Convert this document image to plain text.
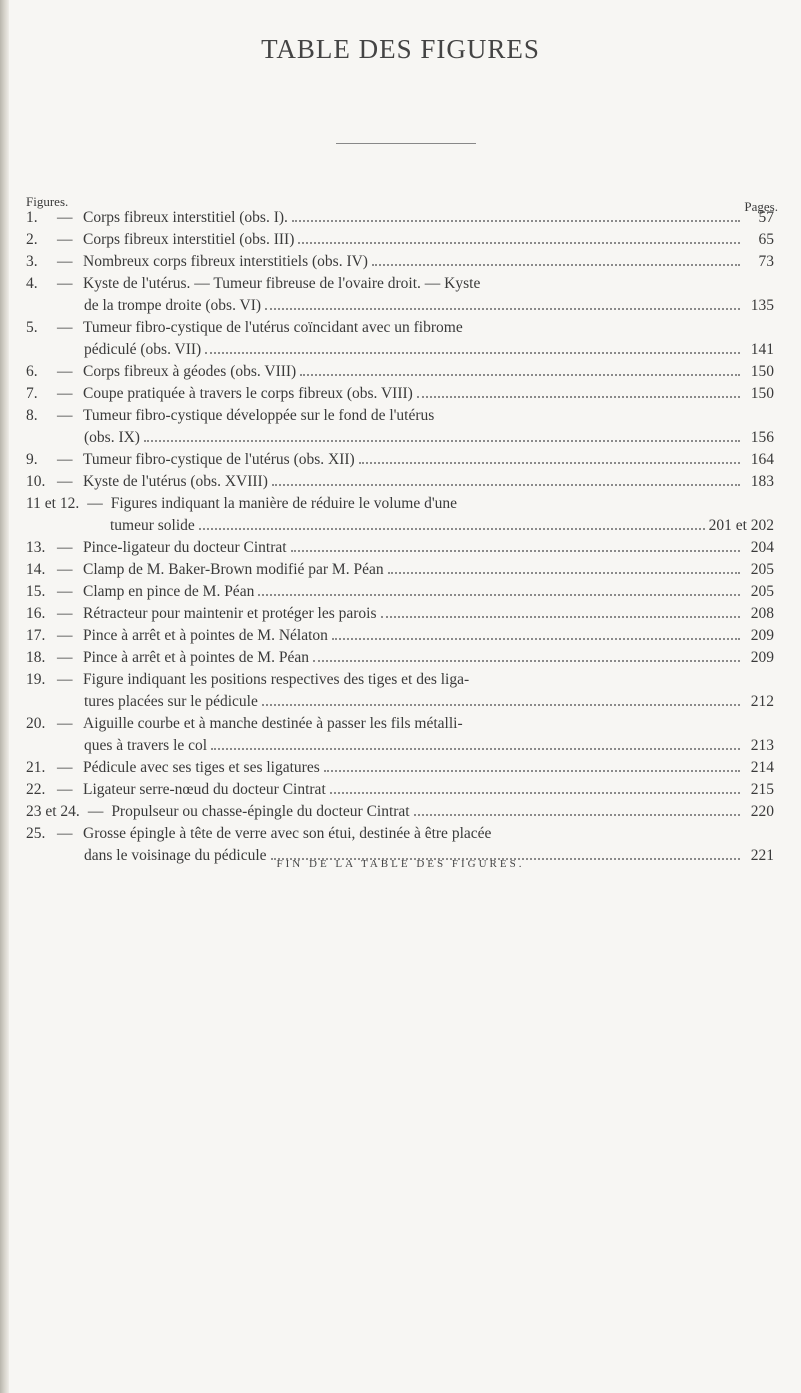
TABLE DES FIGURES
Figures.	Pages.
1.	— Corps fibreux interstitiel (obs. I).	57
2.	— Corps fibreux interstitiel (obs. III)	65
3.	— Nombreux corps fibreux interstitiels (obs. IV)	73
4.	— Kyste de l'utérus. — Tumeur fibreuse de l'ovaire droit. — Kyste
de la trompe droite (obs. VI)	135
5.	— Tumeur fibro-cystique de l'utérus coïncidant avec un fibrome
pédiculé (obs. VII)	141
6.	— Corps fibreux à géodes (obs. VIII)	150
7.	— Coupe pratiquée à travers le corps fibreux (obs. VIII)	150
8.	— Tumeur fibro-cystique développée sur le fond de l'utérus
(obs. IX)	156
9.	— Tumeur fibro-cystique de l'utérus (obs. XII)	164
10. — Kyste de l'utérus (obs. XVIII)	183
11 et 12. — Figures indiquant la manière de réduire le volume d'une
tumeur solide	201 et 202
13. — Pince-ligateur du docteur Cintrat	204
14. — Clamp de M. Baker-Brown modifié par M. Péan	205
15. — Clamp en pince de M. Péan	205
16. — Rétracteur pour maintenir et protéger les parois	208
17. — Pince à arrêt et à pointes de M. Nélaton	209
18. — Pince à arrêt et à pointes de M. Péan	209
19. — Figure indiquant les positions respectives des tiges et des liga-
tures placées sur le pédicule	212
20. — Aiguille courbe et à manche destinée à passer les fils métalli-
ques à travers le col	213
21. — Pédicule avec ses tiges et ses ligatures	214
22. — Ligateur serre-nœud du docteur Cintrat	215
23 et 24. — Propulseur ou chasse-épingle du docteur Cintrat	220
25. — Grosse épingle à tête de verre avec son étui, destinée à être placée
dans le voisinage du pédicule	221
FIN DE LA TABLE DES FIGURES.
